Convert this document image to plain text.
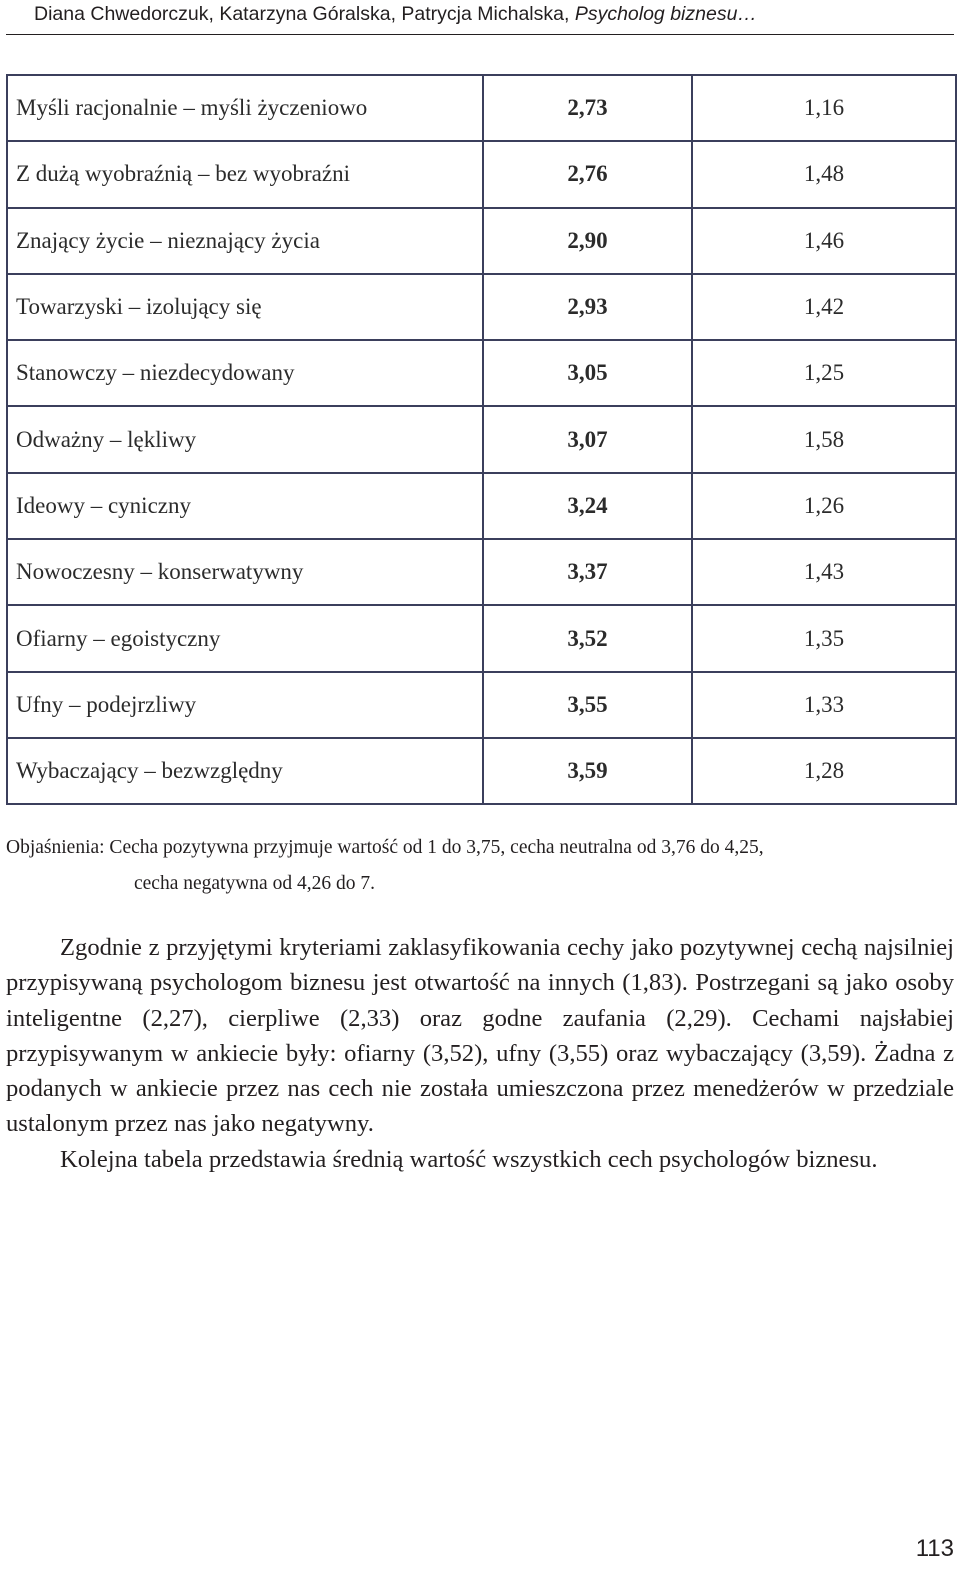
Diana Chwedorczuk, Katarzyna Góralska, Patrycja Michalska, Psycholog biznesu…
Myśli racjonalnie – myśli życzeniowo	2,73	1,16
Z dużą wyobraźnią – bez wyobraźni	2,76	1,48
Znający życie – nieznający życia	2,90	1,46
Towarzyski – izolujący się	2,93	1,42
Stanowczy – niezdecydowany	3,05	1,25
Odważny – lękliwy	3,07	1,58
Ideowy – cyniczny	3,24	1,26
Nowoczesny – konserwatywny	3,37	1,43
Ofiarny – egoistyczny	3,52	1,35
Ufny – podejrzliwy	3,55	1,33
Wybaczający – bezwzględny	3,59	1,28
Objaśnienia: Cecha pozytywna przyjmuje wartość od 1 do 3,75, cecha neutralna od 3,76 do 4,25,
cecha negatywna od 4,26 do 7.

Zgodnie z przyjętymi kryteriami zaklasyfikowania cechy jako pozytywnej cechą najsilniej przypisywaną psychologom biznesu jest otwartość na innych (1,83). Postrzegani są jako osoby inteligentne (2,27), cierpliwe (2,33) oraz godne zaufania (2,29). Cechami najsłabiej przypisywanym w ankiecie były: ofiarny (3,52), ufny (3,55) oraz wybaczający (3,59). Żadna z podanych w ankiecie przez nas cech nie została umieszczona przez menedżerów w przedziale ustalonym przez nas jako negatywny.

Kolejna tabela przedstawia średnią wartość wszystkich cech psychologów biznesu.

113
